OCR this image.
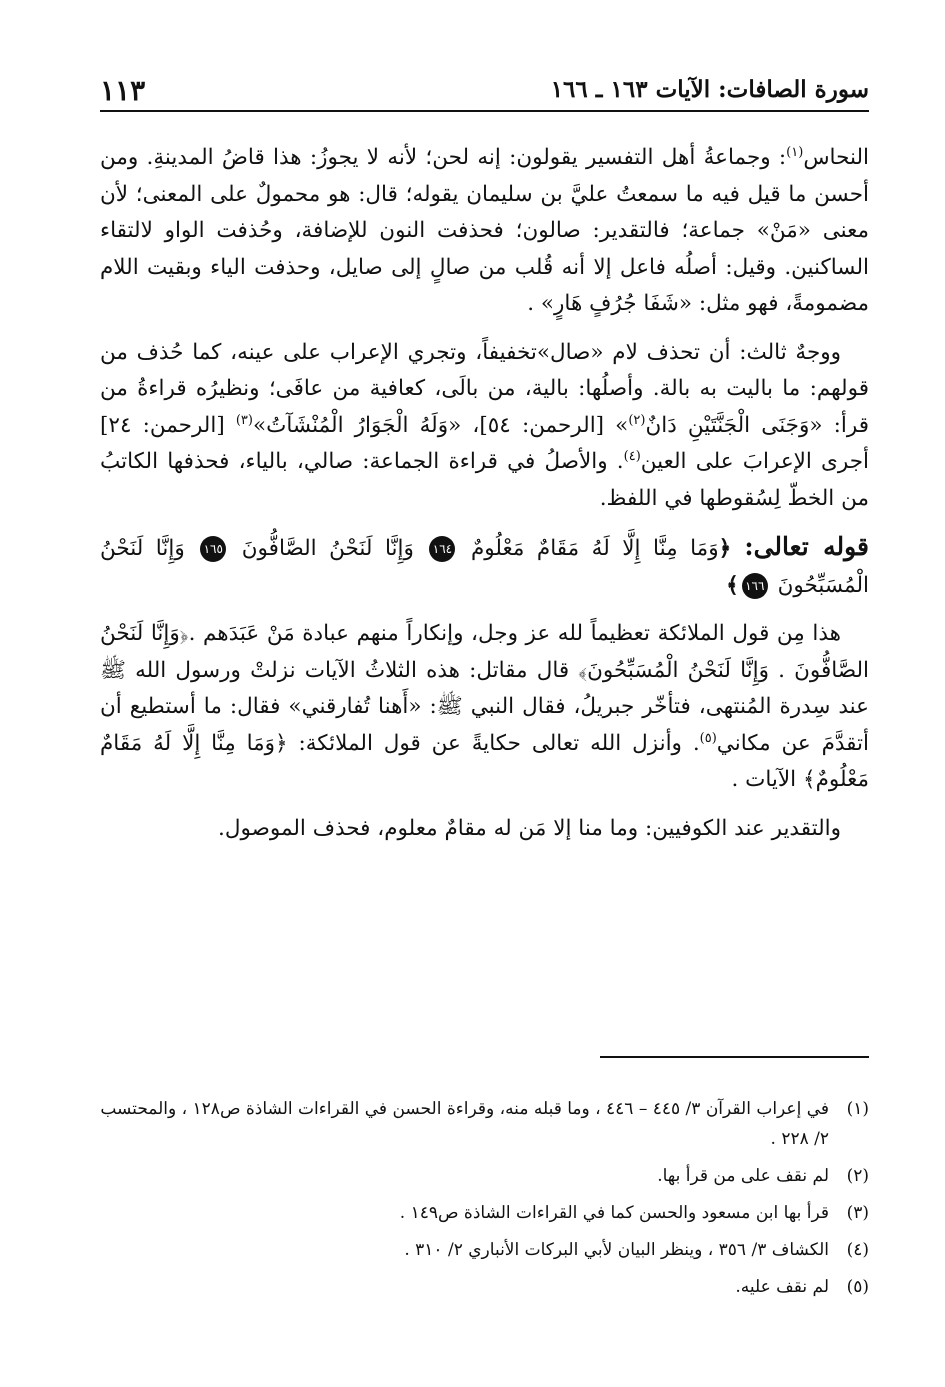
سورة الصافات: الآيات ١٦٣ ـ ١٦٦
١١٣

النحاس$^{(١)}$: وجماعةُ أهل التفسير يقولون: إنه لحن؛ لأنه لا يجوزُ: هذا قاضُ المدينةِ. ومن أحسن ما قيل فيه ما سمعتُ عليَّ بن سليمان يقوله؛ قال: هو محمولٌ على المعنى؛ لأن معنى «مَنْ» جماعة؛ فالتقدير: صالون؛ فحذفت النون للإضافة، وحُذفت الواو لالتقاء الساكنين. وقيل: أصلُه فاعل إلا أنه قُلب من صالٍ إلى صايل، وحذفت الياء وبقيت اللام مضمومةً، فهو مثل: «شَفَا جُرُفٍ هَارٍ» .

ووجهٌ ثالث: أن تحذف لام «صال»تخفيفاً، وتجري الإعراب على عينه، كما حُذف من قولهم: ما باليت به بالة. وأصلُها: بالية، من بالَى، كعافية من عافَى؛ ونظيرُه قراءةُ من قرأ: «وَجَنَى الْجَنَّتَيْنِ دَانٌ$^{(٢)}$» [الرحمن: ٥٤]، «وَلَهُ الْجَوَارُ الْمُنْشَآتُ»$^{(٣)}$ [الرحمن: ٢٤] أجرى الإعرابَ على العين$^{(٤)}$. والأصلُ في قراءة الجماعة: صالي، بالياء، فحذفها الكاتبُ من الخطّ لِسُقوطها في اللفظ.

قوله تعالى: ﴿وَمَا مِنَّا إِلَّا لَهُ مَقَامٌ مَعْلُومٌ ١٦٤ وَإِنَّا لَنَحْنُ الصَّافُّونَ ١٦٥ وَإِنَّا لَنَحْنُ الْمُسَبِّحُونَ ١٦٦﴾

هذا مِن قول الملائكة تعظيماً لله عز وجل، وإنكاراً منهم عبادة مَنْ عَبَدَهم .﴿وَإِنَّا لَنَحْنُ الصَّافُّونَ . وَإِنَّا لَنَحْنُ الْمُسَبِّحُونَ﴾ قال مقاتل: هذه الثلاثُ الآيات نزلتْ ورسول الله ﷺ عند سِدرة المُنتهى، فتأخّر جبريلُ، فقال النبي ﷺ: «أَهنا تُفارقني» فقال: ما أستطيع أن أتقدَّمَ عن مكاني$^{(٥)}$. وأنزل الله تعالى حكايةً عن قول الملائكة: ﴿وَمَا مِنَّا إِلَّا لَهُ مَقَامٌ مَعْلُومٌ﴾ الآيات .

والتقدير عند الكوفيين: وما منا إلا مَن له مقامٌ معلوم، فحذف الموصول.

(١)
في إعراب القرآن ٣/ ٤٤٥ – ٤٤٦ ، وما قبله منه، وقراءة الحسن في القراءات الشاذة ص١٢٨ ، والمحتسب ٢/ ٢٢٨ .
(٢)
لم نقف على من قرأ بها.
(٣)
قرأ بها ابن مسعود والحسن كما في القراءات الشاذة ص١٤٩ .
(٤)
الكشاف ٣/ ٣٥٦ ، وينظر البيان لأبي البركات الأنباري ٢/ ٣١٠ .
(٥)
لم نقف عليه.
